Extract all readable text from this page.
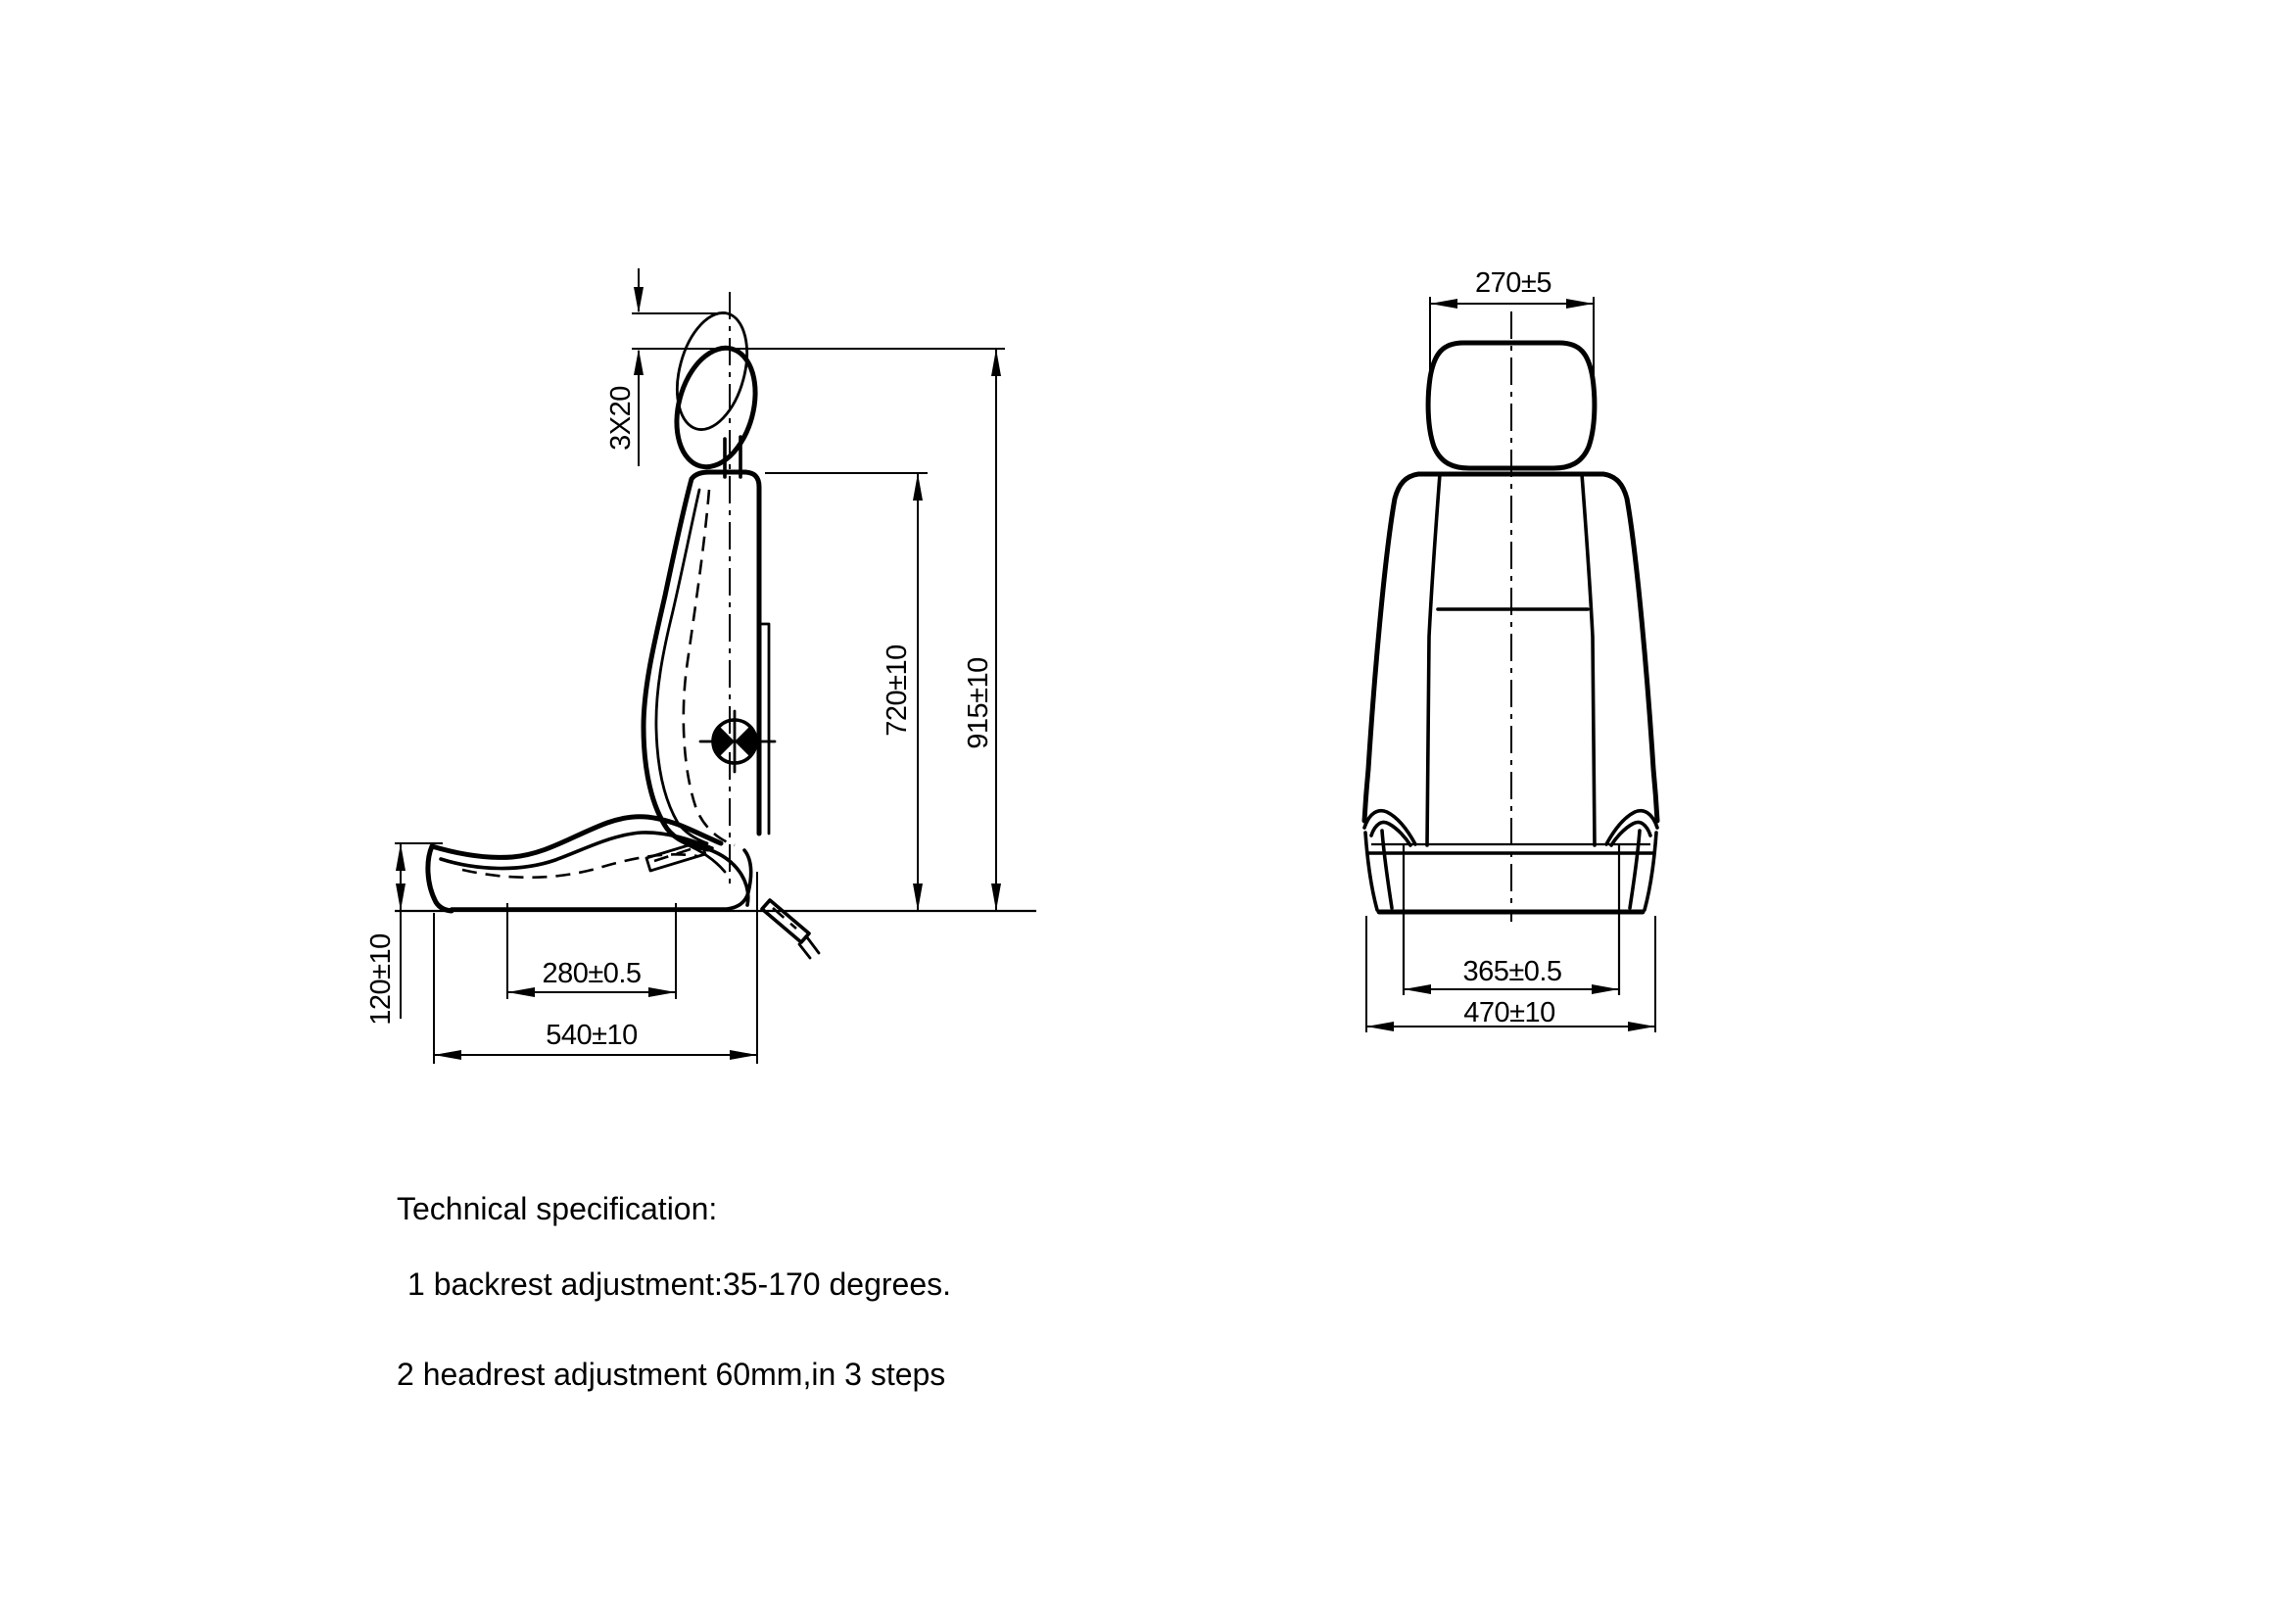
3X20
720±10 915±10
120±10	280±0.5
540±10
270±5
365±0.5
470±10
Technical specification:
1 backrest adjustment:35-170 degrees.
2 headrest adjustment 60mm,in 3 steps
